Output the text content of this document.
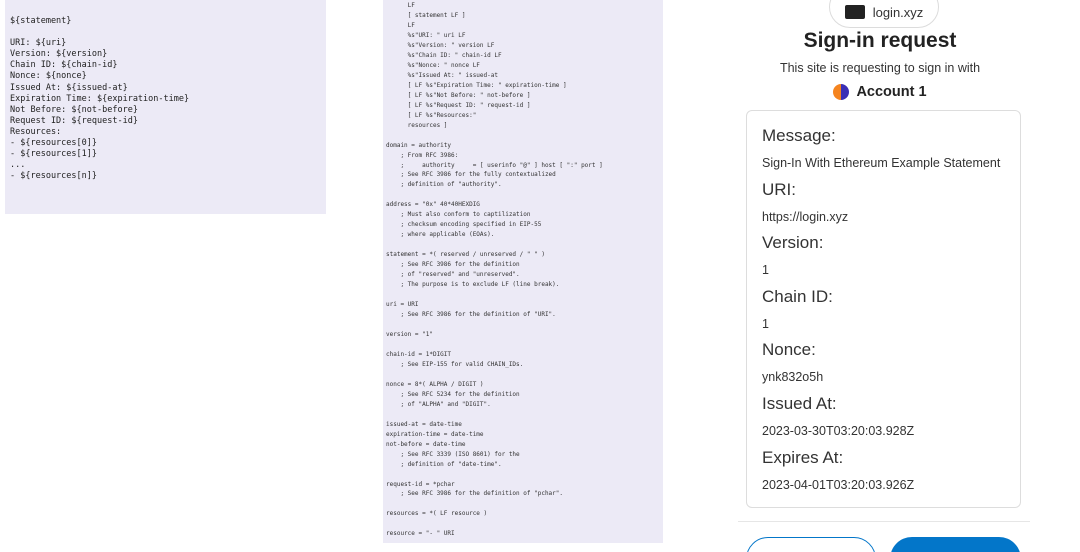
${statement}
URI: ${uri}
Version: ${version}
Chain ID: ${chain-id}
Nonce: ${nonce}
Issued At: ${issued-at}
Expiration Time: ${expiration-time}
Not Before: ${not-before}
Request ID: ${request-id}
Resources:
- ${resources[0]}
- ${resources[1]}
...
- ${resources[n]}
LF
[ statement LF ]
LF
%s"URI: " uri LF
%s"Version: " version LF
%s"Chain ID: " chain-id LF
%s"Nonce: " nonce LF
%s"Issued At: " issued-at
[ LF %s"Expiration Time: " expiration-time ]
[ LF %s"Not Before: " not-before ]
[ LF %s"Request ID: " request-id ]
[ LF %s"Resources:"
resources ]
domain = authority
; From RFC 3986:
;     authority     = [ userinfo "@" ] host [ ":" port ]
; See RFC 3986 for the fully contextualized
; definition of "authority".
address = "0x" 40*40HEXDIG
; Must also conform to captilization
; checksum encoding specified in EIP-55
; where applicable (EOAs).
statement = *( reserved / unreserved / " " )
; See RFC 3986 for the definition
; of "reserved" and "unreserved".
; The purpose is to exclude LF (line break).
uri = URI
; See RFC 3986 for the definition of "URI".
version = "1"
chain-id = 1*DIGIT
; See EIP-155 for valid CHAIN_IDs.
nonce = 8*( ALPHA / DIGIT )
; See RFC 5234 for the definition
; of "ALPHA" and "DIGIT".
issued-at = date-time
expiration-time = date-time
not-before = date-time
; See RFC 3339 (ISO 8601) for the
; definition of "date-time".
request-id = *pchar
; See RFC 3986 for the definition of "pchar".
resources = *( LF resource )
resource = "- " URI
login.xyz
Sign-in request
This site is requesting to sign in with
Account 1
Message:
Sign-In With Ethereum Example Statement
URI:
https://login.xyz
Version:
1
Chain ID:
1
Nonce:
ynk832o5h
Issued At:
2023-03-30T03:20:03.928Z
Expires At:
2023-04-01T03:20:03.926Z
